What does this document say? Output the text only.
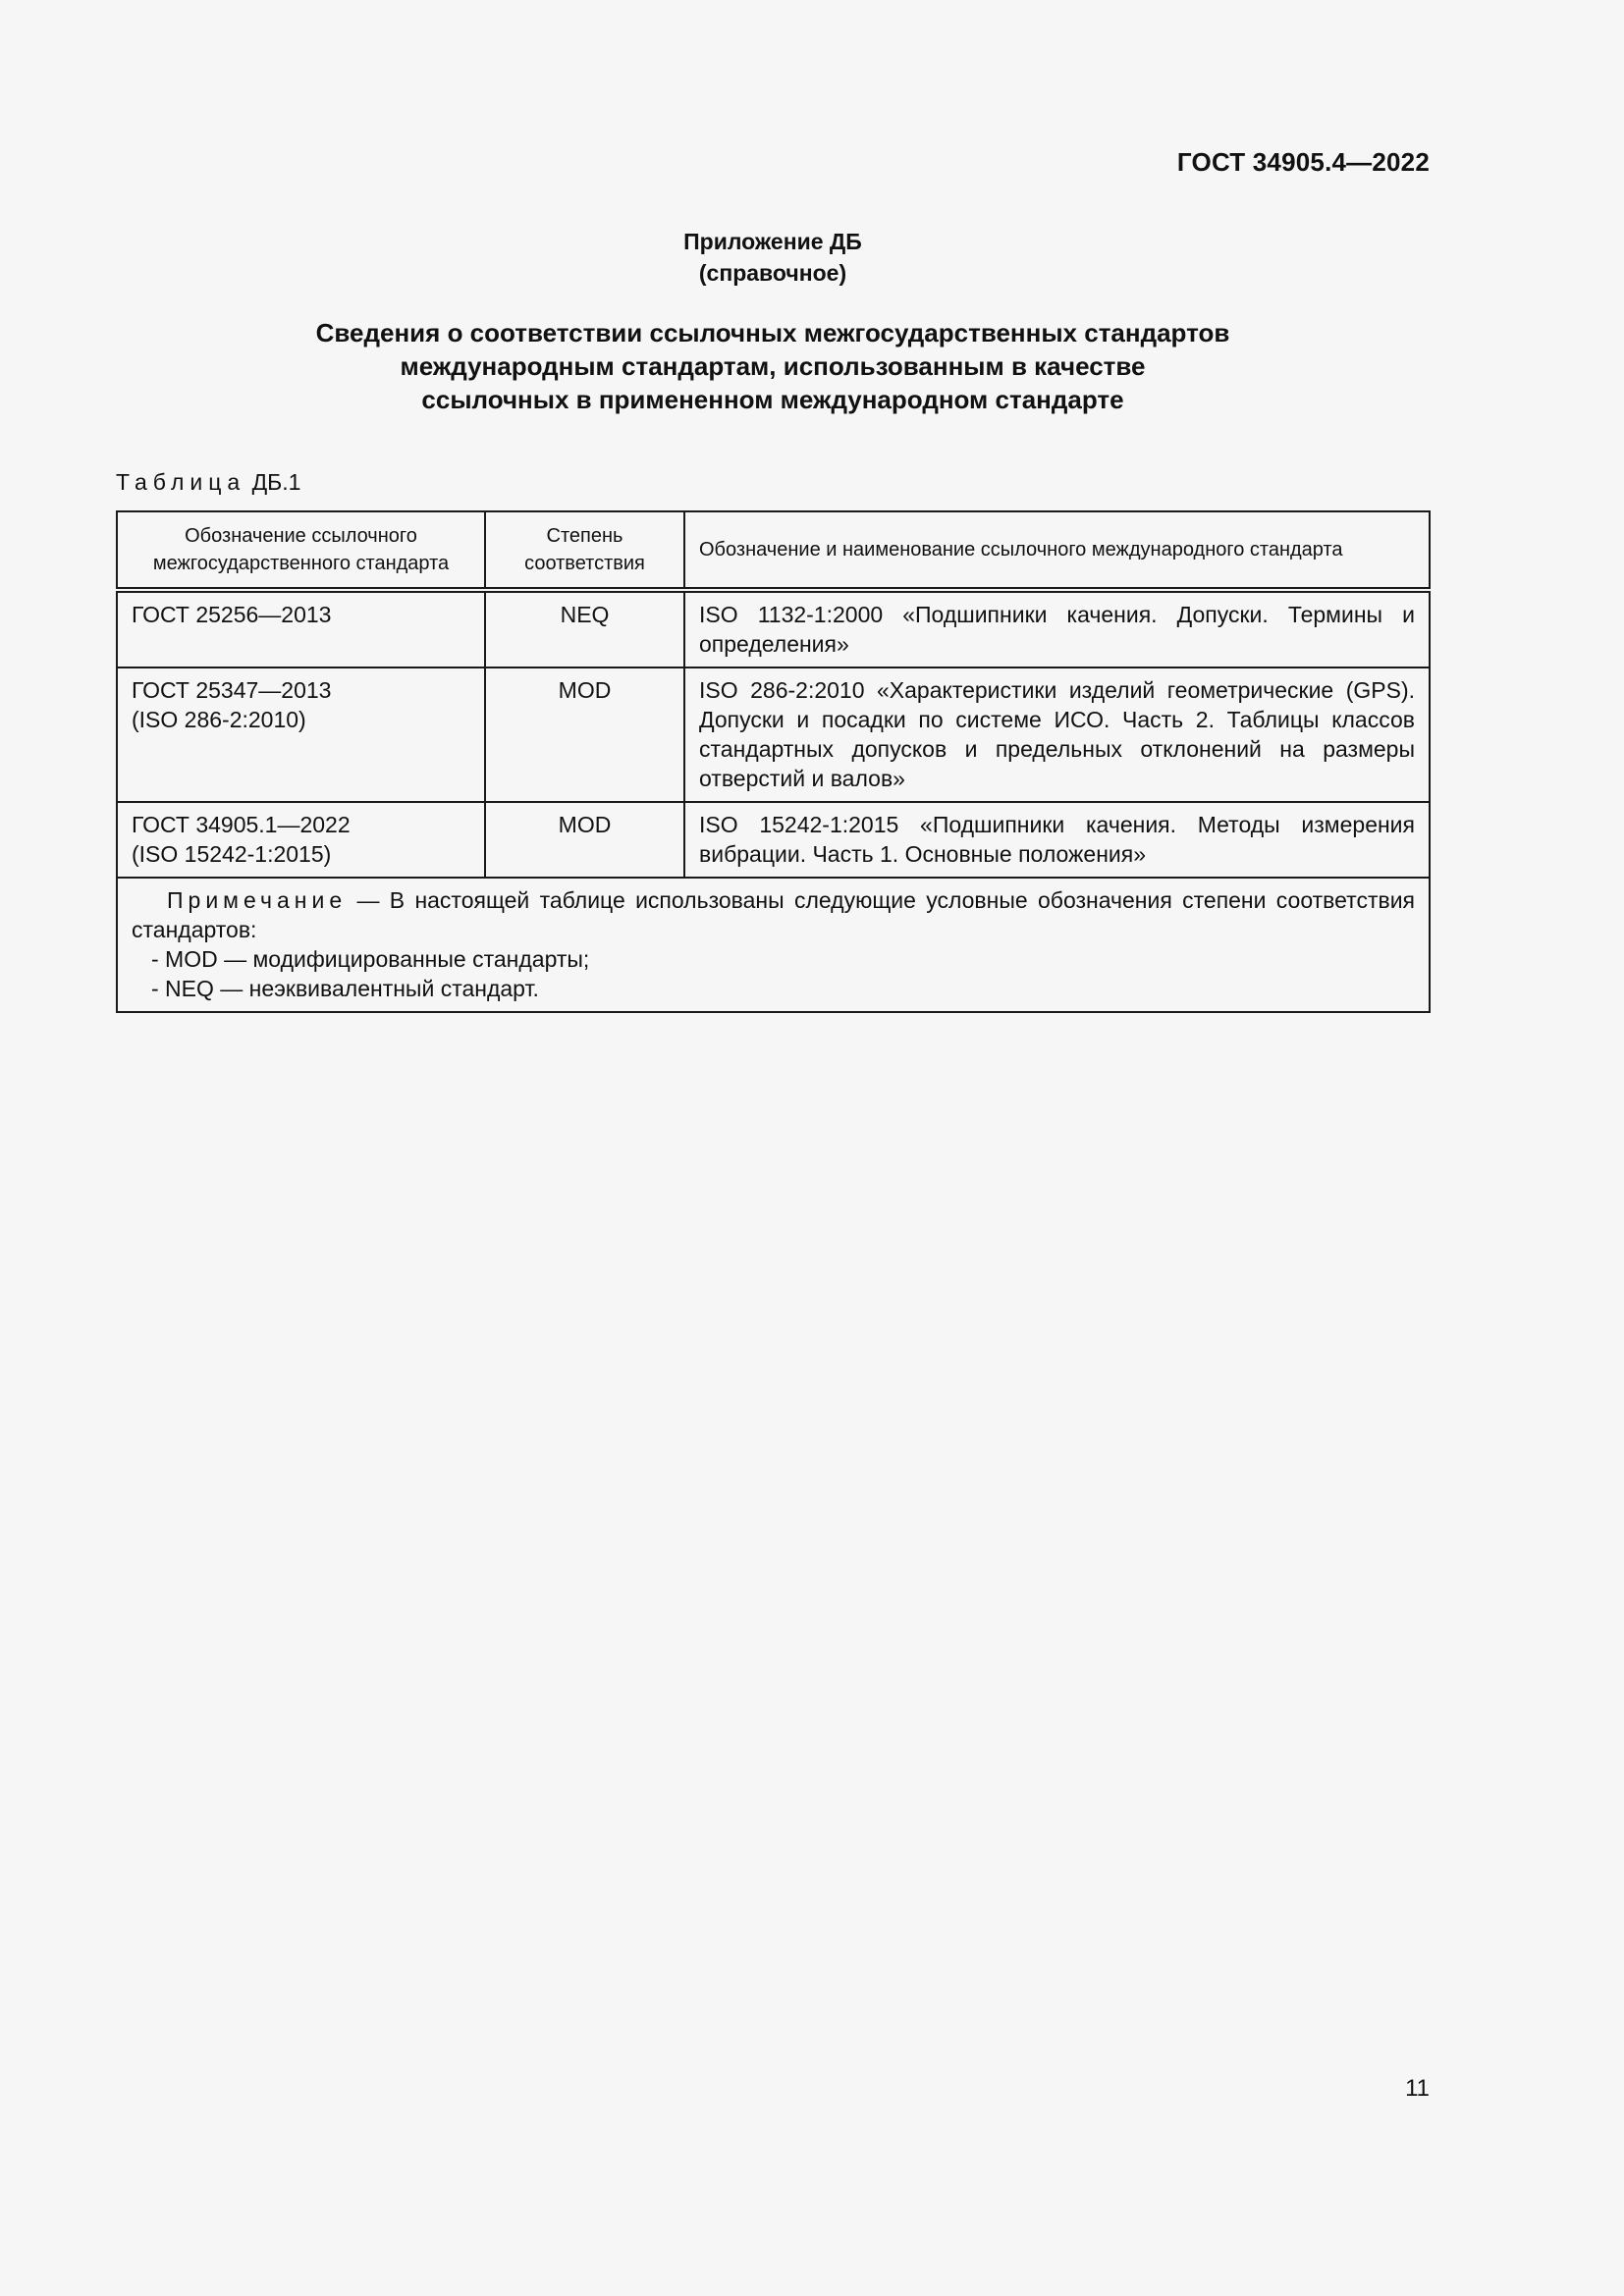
ГОСТ 34905.4—2022
Приложение ДБ
(справочное)
Сведения о соответствии ссылочных межгосударственных стандартов
международным стандартам, использованным в качестве
ссылочных в примененном международном стандарте
Таблица ДБ.1
Обозначение ссылочного межгосударственного стандарта	Степень соответствия	Обозначение и наименование ссылочного международного стандарта

ГОСТ 25256—2013	NEQ	ISO 1132-1:2000 «Подшипники качения. Допуски. Термины и определения»

ГОСТ 25347—2013
(ISO 286-2:2010)	MOD	ISO 286-2:2010 «Характеристики изделий геометрические (GPS). Допуски и посадки по системе ИСО. Часть 2. Таблицы классов стандартных допусков и предельных отклонений на размеры отверстий и валов»

ГОСТ 34905.1—2022
(ISO 15242-1:2015)	MOD	ISO 15242-1:2015 «Подшипники качения. Методы измерения вибрации. Часть 1. Основные положения»

Примечание — В настоящей таблице использованы следующие условные обозначения степени соответствия стандартов:
- MOD — модифицированные стандарты;
- NEQ — неэквивалентный стандарт.		
11
